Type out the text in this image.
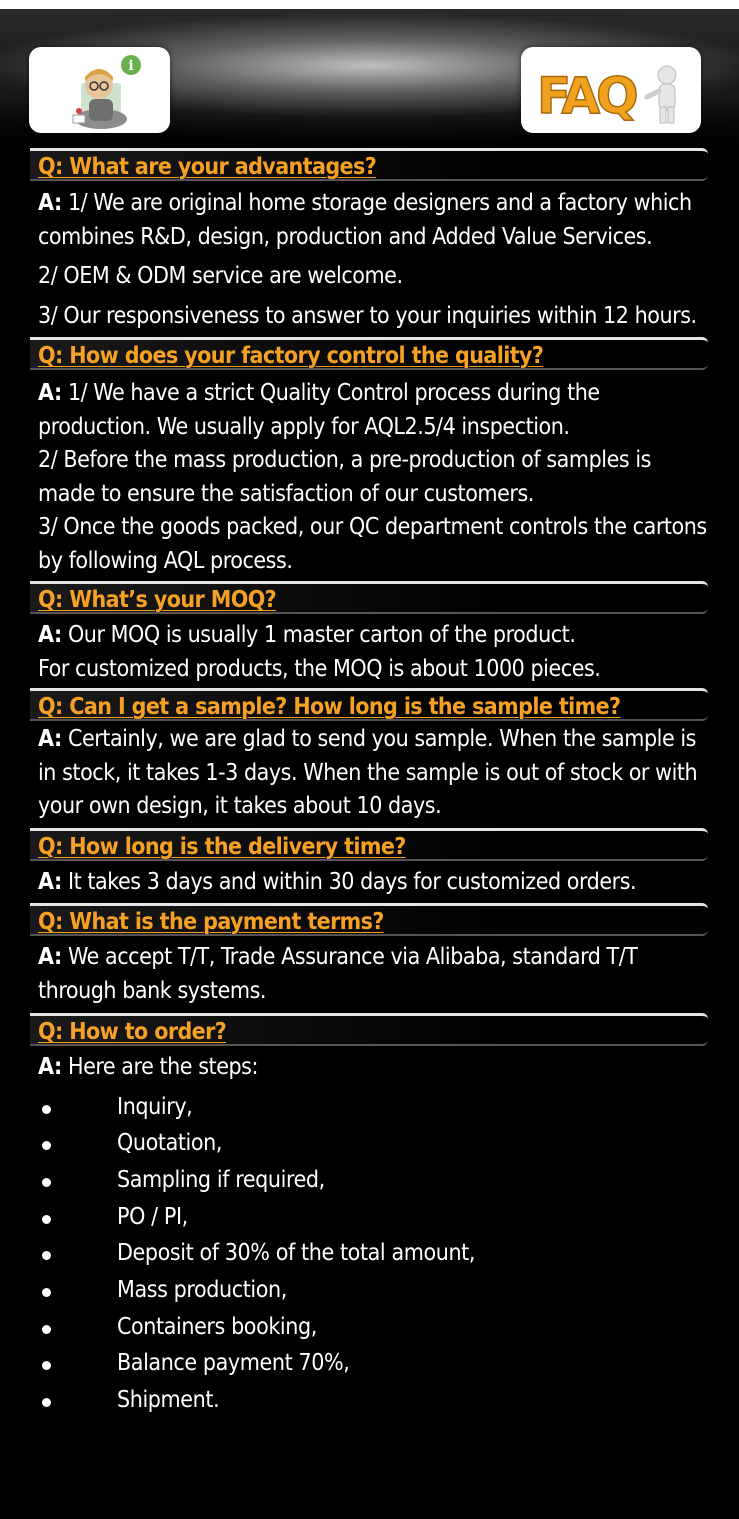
i
FAQ
Q: What are your advantages?

A: 1/ We are original home storage designers and a factory which combines R&D, design, production and Added Value Services.

2/ OEM & ODM service are welcome.

3/ Our responsiveness to answer to your inquiries within 12 hours.

Q: How does your factory control the quality?

A: 1/ We have a strict Quality Control process during the production. We usually apply for AQL2.5/4 inspection.

2/ Before the mass production, a pre-production of samples is made to ensure the satisfaction of our customers.

3/ Once the goods packed, our QC department controls the cartons by following AQL process.

Q: What’s your MOQ?

A: Our MOQ is usually 1 master carton of the product.

For customized products, the MOQ is about 1000 pieces.

Q: Can I get a sample? How long is the sample time?

A: Certainly, we are glad to send you sample. When the sample is in stock, it takes 1-3 days. When the sample is out of stock or with your own design, it takes about 10 days.

Q: How long is the delivery time?

A: It takes 3 days and within 30 days for customized orders.

Q: What is the payment terms?

A: We accept T/T, Trade Assurance via Alibaba, standard T/T through bank systems.

Q: How to order?

A: Here are the steps:

Inquiry,
Quotation,
Sampling if required,
PO / PI,
Deposit of 30% of the total amount,
Mass production,
Containers booking,
Balance payment 70%,
Shipment.
